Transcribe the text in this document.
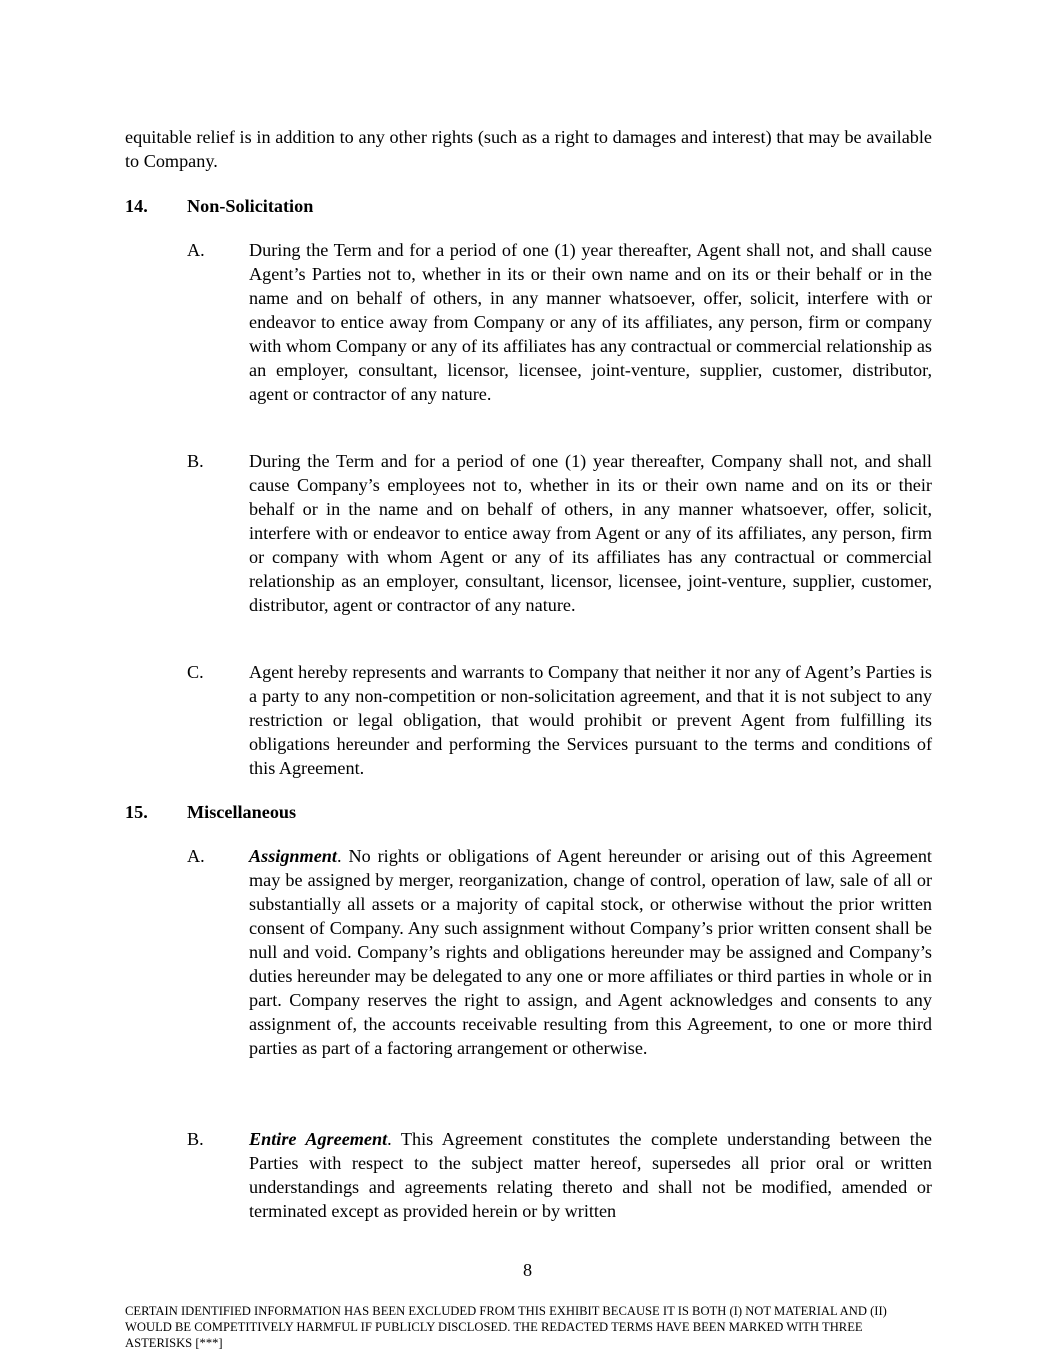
equitable relief is in addition to any other rights (such as a right to damages and interest) that may be available to Company.
14. Non-Solicitation
A.	During the Term and for a period of one (1) year thereafter, Agent shall not, and shall cause Agent’s Parties not to, whether in its or their own name and on its or their behalf or in the name and on behalf of others, in any manner whatsoever, offer, solicit, interfere with or endeavor to entice away from Company or any of its affiliates, any person, firm or company with whom Company or any of its affiliates has any contractual or commercial relationship as an employer, consultant, licensor, licensee, joint-venture, supplier, customer, distributor, agent or contractor of any nature.
B.	During the Term and for a period of one (1) year thereafter, Company shall not, and shall cause Company’s employees not to, whether in its or their own name and on its or their behalf or in the name and on behalf of others, in any manner whatsoever, offer, solicit, interfere with or endeavor to entice away from Agent or any of its affiliates, any person, firm or company with whom Agent or any of its affiliates has any contractual or commercial relationship as an employer, consultant, licensor, licensee, joint-venture, supplier, customer, distributor, agent or contractor of any nature.
C.	Agent hereby represents and warrants to Company that neither it nor any of Agent’s Parties is a party to any non-competition or non-solicitation agreement, and that it is not subject to any restriction or legal obligation, that would prohibit or prevent Agent from fulfilling its obligations hereunder and performing the Services pursuant to the terms and conditions of this Agreement.
15. Miscellaneous
A.	Assignment. No rights or obligations of Agent hereunder or arising out of this Agreement may be assigned by merger, reorganization, change of control, operation of law, sale of all or substantially all assets or a majority of capital stock, or otherwise without the prior written consent of Company. Any such assignment without Company’s prior written consent shall be null and void. Company’s rights and obligations hereunder may be assigned and Company’s duties hereunder may be delegated to any one or more affiliates or third parties in whole or in part. Company reserves the right to assign, and Agent acknowledges and consents to any assignment of, the accounts receivable resulting from this Agreement, to one or more third parties as part of a factoring arrangement or otherwise.
B.	Entire Agreement. This Agreement constitutes the complete understanding between the Parties with respect to the subject matter hereof, supersedes all prior oral or written understandings and agreements relating thereto and shall not be modified, amended or terminated except as provided herein or by written
8
CERTAIN IDENTIFIED INFORMATION HAS BEEN EXCLUDED FROM THIS EXHIBIT BECAUSE IT IS BOTH (I) NOT MATERIAL AND (II) WOULD BE COMPETITIVELY HARMFUL IF PUBLICLY DISCLOSED. THE REDACTED TERMS HAVE BEEN MARKED WITH THREE ASTERISKS [***]
